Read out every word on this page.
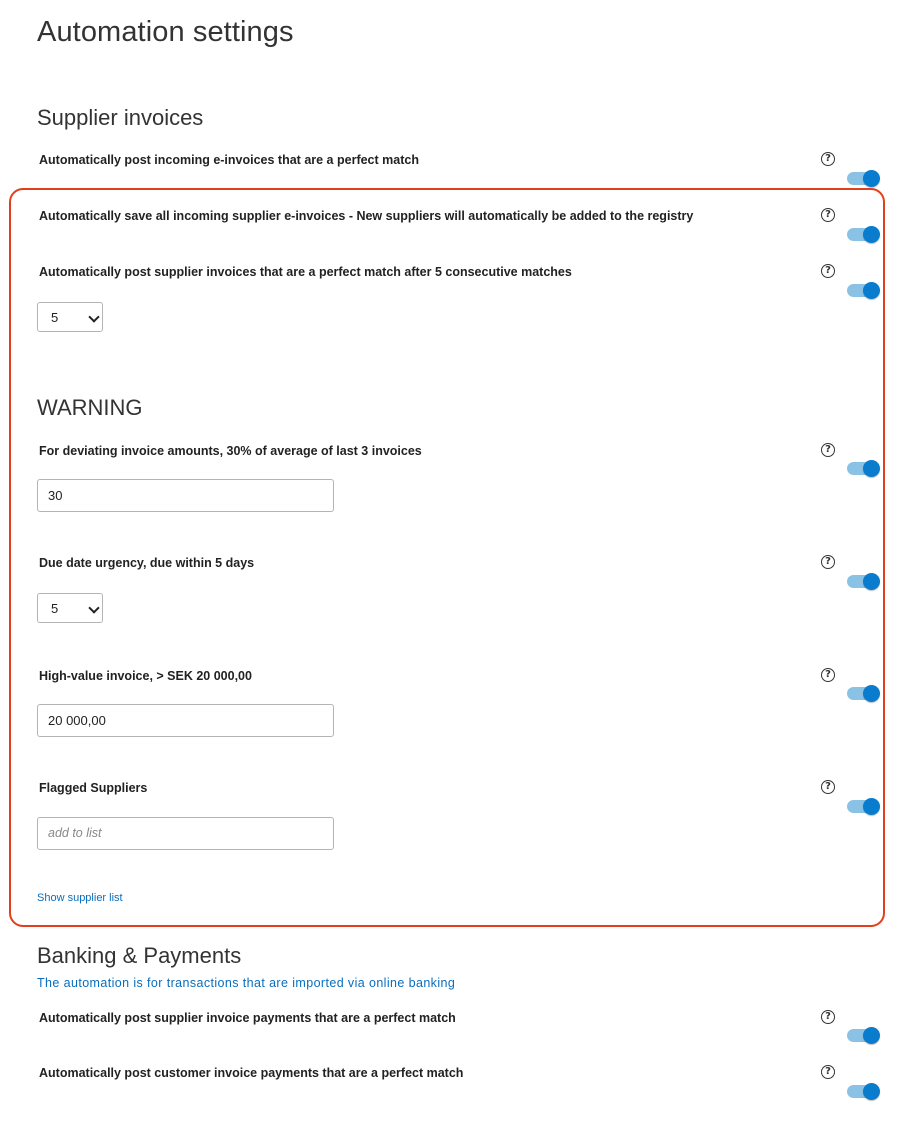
Automation settings
Supplier invoices
Automatically post incoming e-invoices that are a perfect match	?
Automatically save all incoming supplier e-invoices - New suppliers will automatically be added to the registry	?
Automatically post supplier invoices that are a perfect match after 5 consecutive matches	?
5
WARNING
For deviating invoice amounts, 30% of average of last 3 invoices	?
30
Due date urgency, due within 5 days	?
5
High-value invoice, > SEK 20 000,00	?
20 000,00
Flagged Suppliers	?
add to list
Show supplier list
Banking & Payments
The automation is for transactions that are imported via online banking
Automatically post supplier invoice payments that are a perfect match	?
Automatically post customer invoice payments that are a perfect match	?
